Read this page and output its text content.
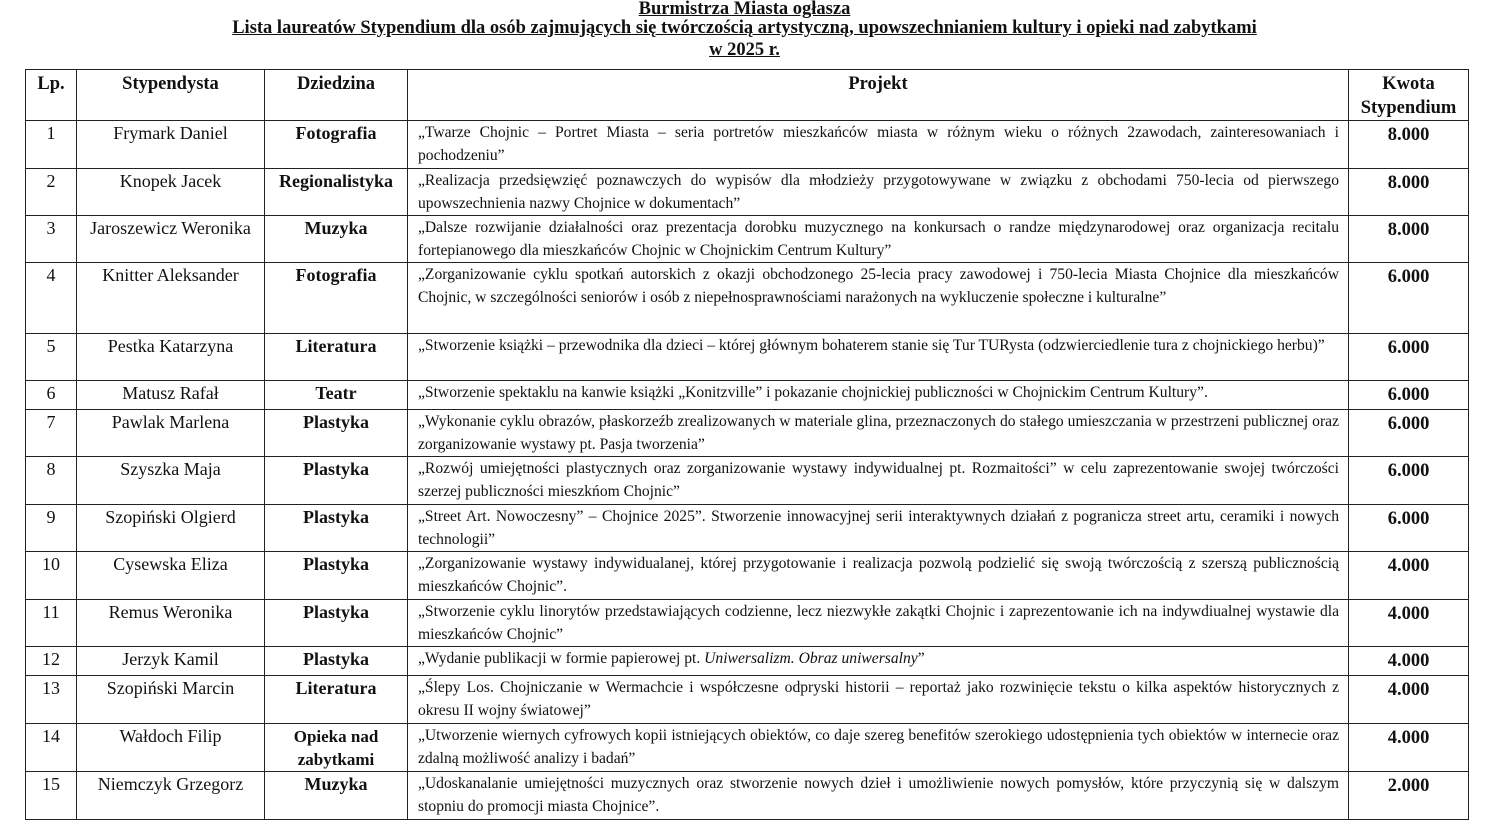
Burmistrza Miasta ogłasza
Lista laureatów Stypendium dla osób zajmujących się twórczością artystyczną, upowszechnianiem kultury i opieki nad zabytkami
w 2025 r.
Lp.	Stypendysta	Dziedzina	Projekt	Kwota
Stypendium
1	Frymark Daniel	Fotografia	„Twarze Chojnic – Portret Miasta – seria portretów mieszkańców miasta w różnym wieku o różnych 2zawodach, zainteresowaniach i pochodzeniu”	8.000
2	Knopek Jacek	Regionalistyka	„Realizacja przedsięwzięć poznawczych do wypisów dla młodzieży przygotowywane w związku z obchodami 750-lecia od pierwszego upowszechnienia nazwy Chojnice w dokumentach”	8.000
3	Jaroszewicz Weronika	Muzyka	„Dalsze rozwijanie działalności oraz prezentacja dorobku muzycznego na konkursach o randze międzynarodowej oraz organizacja recitalu fortepianowego dla mieszkańców Chojnic w Chojnickim Centrum Kultury”	8.000
4	Knitter Aleksander	Fotografia	„Zorganizowanie cyklu spotkań autorskich z okazji obchodzonego 25-lecia pracy zawodowej i 750-lecia Miasta Chojnice dla mieszkańców Chojnic, w szczególności seniorów i osób z niepełnosprawnościami narażonych na wykluczenie społeczne i kulturalne”	6.000
5	Pestka Katarzyna	Literatura	„Stworzenie książki – przewodnika dla dzieci – której głównym bohaterem stanie się Tur TURysta (odzwierciedlenie tura z chojnickiego herbu)”	6.000
6	Matusz Rafał	Teatr	„Stworzenie spektaklu na kanwie książki „Konitzville” i pokazanie chojnickiej publiczności w Chojnickim Centrum Kultury”.	6.000
7	Pawlak Marlena	Plastyka	„Wykonanie cyklu obrazów, płaskorzeźb zrealizowanych w materiale glina, przeznaczonych do stałego umieszczania w przestrzeni publicznej oraz zorganizowanie wystawy pt. Pasja tworzenia”	6.000
8	Szyszka Maja	Plastyka	„Rozwój umiejętności plastycznych oraz zorganizowanie wystawy indywidualnej pt. Rozmaitości” w celu zaprezentowanie swojej twórczości szerzej publiczności mieszkńom Chojnic”	6.000
9	Szopiński Olgierd	Plastyka	„Street Art. Nowoczesny” – Chojnice 2025”. Stworzenie innowacyjnej serii interaktywnych działań z pogranicza street artu, ceramiki i nowych technologii”	6.000
10	Cysewska Eliza	Plastyka	„Zorganizowanie wystawy indywidualanej, której przygotowanie i realizacja pozwolą podzielić się swoją twórczością z szerszą publicznością mieszkańców Chojnic”.	4.000
11	Remus Weronika	Plastyka	„Stworzenie cyklu linorytów przedstawiających codzienne, lecz niezwykłe zakątki Chojnic i zaprezentowanie ich na indywdiualnej wystawie dla mieszkańców Chojnic”	4.000
12	Jerzyk Kamil	Plastyka	„Wydanie publikacji w formie papierowej pt. Uniwersalizm. Obraz uniwersalny”	4.000
13	Szopiński Marcin	Literatura	„Ślepy Los. Chojniczanie w Wermachcie i współczesne odpryski historii – reportaż jako rozwinięcie tekstu o kilka aspektów historycznych z okresu II wojny światowej”	4.000
14	Wałdoch Filip	Opieka nad zabytkami	„Utworzenie wiernych cyfrowych kopii istniejących obiektów, co daje szereg benefitów szerokiego udostępnienia tych obiektów w internecie oraz zdalną możliwość analizy i badań”	4.000
15	Niemczyk Grzegorz	Muzyka	„Udoskanalanie umiejętności muzycznych oraz stworzenie nowych dzieł i umożliwienie nowych pomysłów, które przyczynią się w dalszym stopniu do promocji miasta Chojnice”.	2.000
